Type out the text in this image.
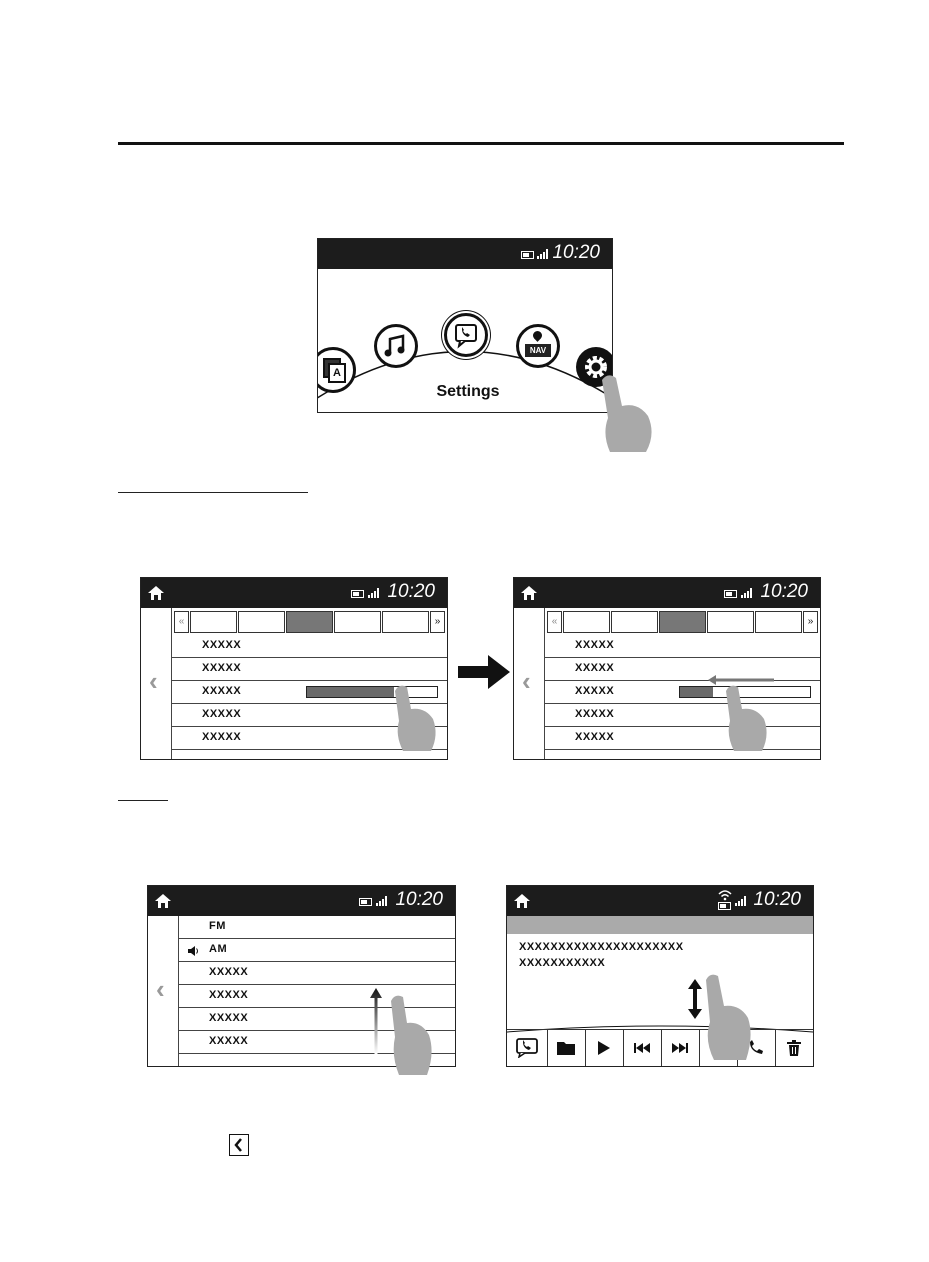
10:20
A
NAV
Settings
10:20
‹
«	»
XXXXX
XXXXX
XXXXX
XXXXX
XXXXX
10:20
‹
«	»
XXXXX
XXXXX
XXXXX
XXXXX
XXXXX
10:20
‹
FM
AM
XXXXX
XXXXX
XXXXX
XXXXX
10:20
XXXXXXXXXXXXXXXXXXXXX
XXXXXXXXXXX
